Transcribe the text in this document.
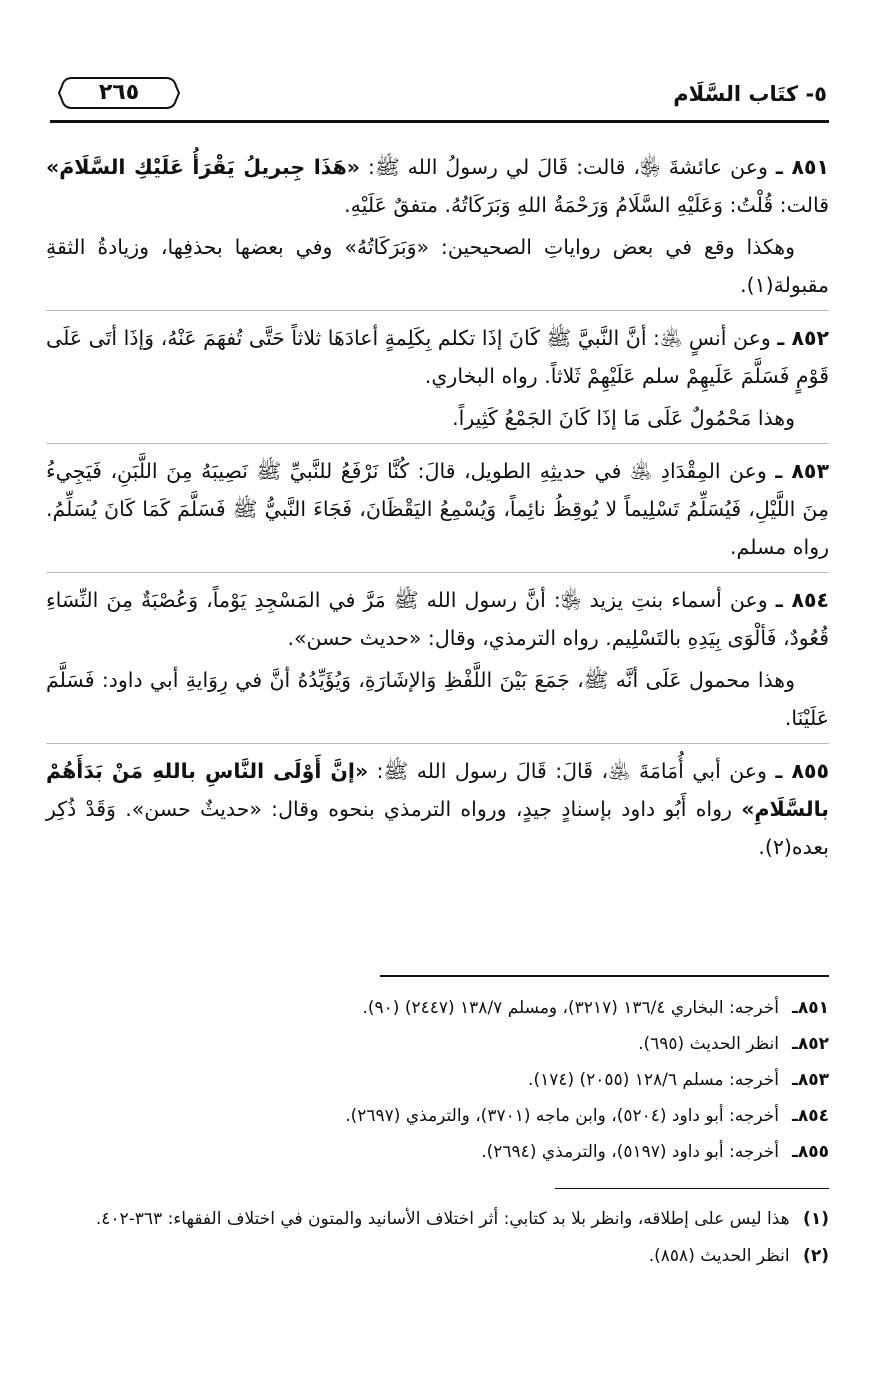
٥- كتَاب السَّلَام
٢٦٥

٨٥١ ـ وعن عائشةَ ﵂، قالت: قَالَ لي رسولُ الله ﷺ: «هَذَا جِبريلُ يَقْرَأُ عَلَيْكِ السَّلَامَ» قالت: قُلْتُ: وَعَلَيْهِ السَّلَامُ وَرَحْمَةُ اللهِ وَبَرَكَاتُهُ. متفقٌ عَلَيْهِ.

وهكذا وقع في بعض رواياتِ الصحيحين: «وَبَرَكَاتُهُ» وفي بعضها بحذفِها، وزيادةُ الثقةِ مقبولة(١).

٨٥٢ ـ وعن أنسٍ ﵁: أنَّ النَّبيَّ ﷺ كَانَ إذَا تكلم بِكَلِمةٍ أعادَهَا ثلاثاً حَتَّى تُفهَمَ عَنْهُ، وَإذَا أتَى عَلَى قَوْمٍ فَسَلَّمَ عَلَيهِمْ سلم عَلَيْهِمْ ثَلاثاً. رواه البخاري.

وهذا مَحْمُولٌ عَلَى مَا إذَا كَانَ الجَمْعُ كَثِيراً.

٨٥٣ ـ وعن المِقْدَادِ ﵁ في حديثِهِ الطويل، قالَ: كُنَّا نَرْفَعُ للنَّبيِّ ﷺ نَصِيبَهُ مِنَ اللَّبَنِ، فَيَجِيءُ مِنَ اللَّيْلِ، فَيُسَلِّمُ تَسْلِيماً لا يُوقِظُ نائِماً، وَيُسْمِعُ اليَقْظَانَ، فَجَاءَ النَّبيُّ ﷺ فَسَلَّمَ كَمَا كَانَ يُسَلِّمُ. رواه مسلم.

٨٥٤ ـ وعن أسماء بنتِ يزيد ﵂: أنَّ رسول الله ﷺ مَرَّ في المَسْجِدِ يَوْماً، وَعُصْبَةٌ مِنَ النِّسَاءِ قُعُودٌ، فَألْوَى بِيَدِهِ بالتَسْلِيم. رواه الترمذي، وقال: «حديث حسن».

وهذا محمول عَلَى أنَّه ﷺ، جَمَعَ بَيْنَ اللَّفْظِ وَالإشَارَةِ، وَيُؤَيِّدُهُ أنَّ في رِوَايةِ أبي داود: فَسَلَّمَ عَلَيْنَا.

٨٥٥ ـ وعن أبي أُمَامَةَ ﵁، قَالَ: قَالَ رسول الله ﷺ: «إنَّ أَوْلَى النَّاسِ باللهِ مَنْ بَدَأَهُمْ بالسَّلَامِ» رواه أَبُو داود بإسنادٍ جيدٍ، ورواه الترمذي بنحوه وقال: «حديثٌ حسن». وَقَدْ ذُكِر بعده(٢).

٨٥١ـ
أخرجه: البخاري ١٣٦/٤ (٣٢١٧)، ومسلم ١٣٨/٧ (٢٤٤٧) (٩٠).
٨٥٢ـ
انظر الحديث (٦٩٥).
٨٥٣ـ
أخرجه: مسلم ١٢٨/٦ (٢٠٥٥) (١٧٤).
٨٥٤ـ
أخرجه: أبو داود (٥٢٠٤)، وابن ماجه (٣٧٠١)، والترمذي (٢٦٩٧).
٨٥٥ـ
أخرجه: أبو داود (٥١٩٧)، والترمذي (٢٦٩٤).

(١) هذا ليس على إطلاقه، وانظر بلا بد كتابي: أثر اختلاف الأسانيد والمتون في اختلاف الفقهاء: ٣٦٣-٤٠٢.

(٢) انظر الحديث (٨٥٨).
